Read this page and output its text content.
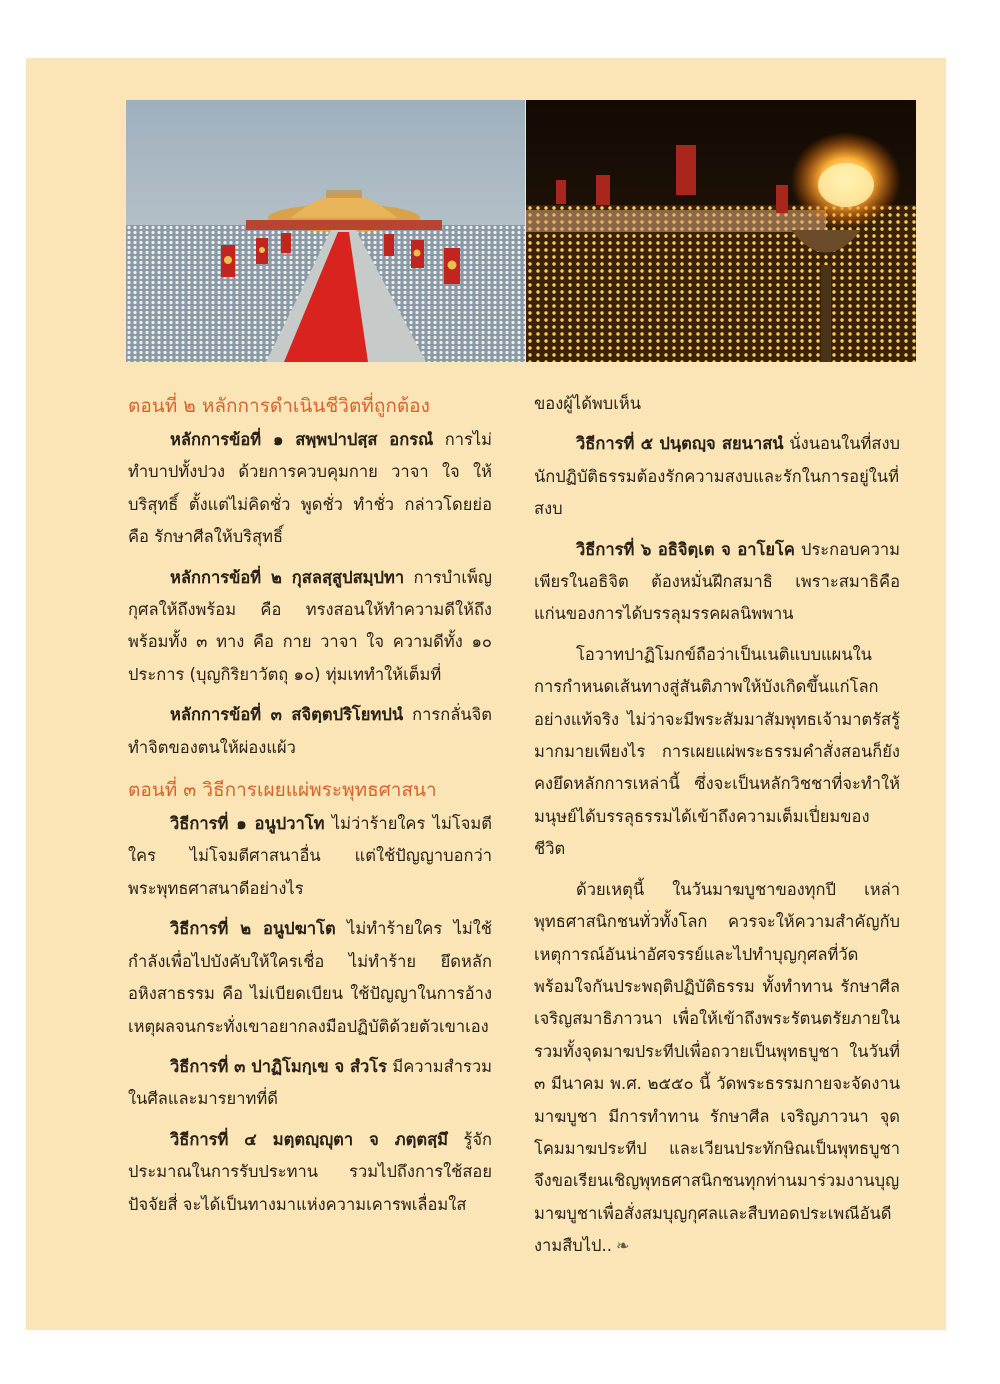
ตอนที่ ๒ หลักการดำเนินชีวิตที่ถูกต้อง

หลักการข้อที่ ๑ สพฺพปาปสฺส อกรณํ การไม่ทำบาปทั้งปวง ด้วยการควบคุมกาย วาจา ใจ ให้บริสุทธิ์ ตั้งแต่ไม่คิดชั่ว พูดชั่ว ทำชั่ว กล่าวโดยย่อ คือ รักษาศีลให้บริสุทธิ์

หลักการข้อที่ ๒ กุสลสฺสูปสมฺปทา การบำเพ็ญกุศลให้ถึงพร้อม คือ ทรงสอนให้ทำความดีให้ถึงพร้อมทั้ง ๓ ทาง คือ กาย วาจา ใจ ความดีทั้ง ๑๐ ประการ (บุญกิริยาวัตถุ ๑๐) ทุ่มเททำให้เต็มที่

หลักการข้อที่ ๓ สจิตฺตปริโยทปนํ การกลั่นจิตทำจิตของตนให้ผ่องแผ้ว

ตอนที่ ๓ วิธีการเผยแผ่พระพุทธศาสนา

วิธีการที่ ๑ อนูปวาโท ไม่ว่าร้ายใคร ไม่โจมตีใคร ไม่โจมตีศาสนาอื่น แต่ใช้ปัญญาบอกว่าพระพุทธศาสนาดีอย่างไร

วิธีการที่ ๒ อนูปฆาโต ไม่ทำร้ายใคร ไม่ใช้กำลังเพื่อไปบังคับให้ใครเชื่อ ไม่ทำร้าย ยึดหลักอหิงสาธรรม คือ ไม่เบียดเบียน ใช้ปัญญาในการอ้างเหตุผลจนกระทั่งเขาอยากลงมือปฏิบัติด้วยตัวเขาเอง

วิธีการที่ ๓ ปาฏิโมกฺเข จ สํวโร มีความสำรวมในศีลและมารยาทที่ดี

วิธีการที่ ๔ มตฺตญฺญุตา จ ภตฺตสฺมึ รู้จักประมาณในการรับประทาน รวมไปถึงการใช้สอยปัจจัยสี่ จะได้เป็นทางมาแห่งความเคารพเลื่อมใส

ของผู้ได้พบเห็น

วิธีการที่ ๕ ปนฺตญฺจ สยนาสนํ นั่งนอนในที่สงบ นักปฏิบัติธรรมต้องรักความสงบและรักในการอยู่ในที่สงบ

วิธีการที่ ๖ อธิจิตฺเต จ อาโยโค ประกอบความเพียรในอธิจิต ต้องหมั่นฝึกสมาธิ เพราะสมาธิคือ แก่นของการได้บรรลุมรรคผลนิพพาน

โอวาทปาฏิโมกข์ถือว่าเป็นเนติแบบแผนในการกำหนดเส้นทางสู่สันติภาพให้บังเกิดขึ้นแก่โลกอย่างแท้จริง ไม่ว่าจะมีพระสัมมาสัมพุทธเจ้ามาตรัสรู้มากมายเพียงไร การเผยแผ่พระธรรมคำสั่งสอนก็ยังคงยึดหลักการเหล่านี้ ซึ่งจะเป็นหลักวิชชาที่จะทำให้มนุษย์ได้บรรลุธรรมได้เข้าถึงความเต็มเปี่ยมของชีวิต

ด้วยเหตุนี้ ในวันมาฆบูชาของทุกปี เหล่าพุทธศาสนิกชนทั่วทั้งโลก ควรจะให้ความสำคัญกับเหตุการณ์อันน่าอัศจรรย์และไปทำบุญกุศลที่วัดพร้อมใจกันประพฤติปฏิบัติธรรม ทั้งทำทาน รักษาศีล เจริญสมาธิภาวนา เพื่อให้เข้าถึงพระรัตนตรัยภายในรวมทั้งจุดมาฆประทีปเพื่อถวายเป็นพุทธบูชา ในวันที่ ๓ มีนาคม พ.ศ. ๒๕๕๐ นี้ วัดพระธรรมกายจะจัดงานมาฆบูชา มีการทำทาน รักษาศีล เจริญภาวนา จุดโคมมาฆประทีป และเวียนประทักษิณเป็นพุทธบูชา จึงขอเรียนเชิญพุทธศาสนิกชนทุกท่านมาร่วมงานบุญมาฆบูชาเพื่อสั่งสมบุญกุศลและสืบทอดประเพณีอันดีงามสืบไป.. ❧
